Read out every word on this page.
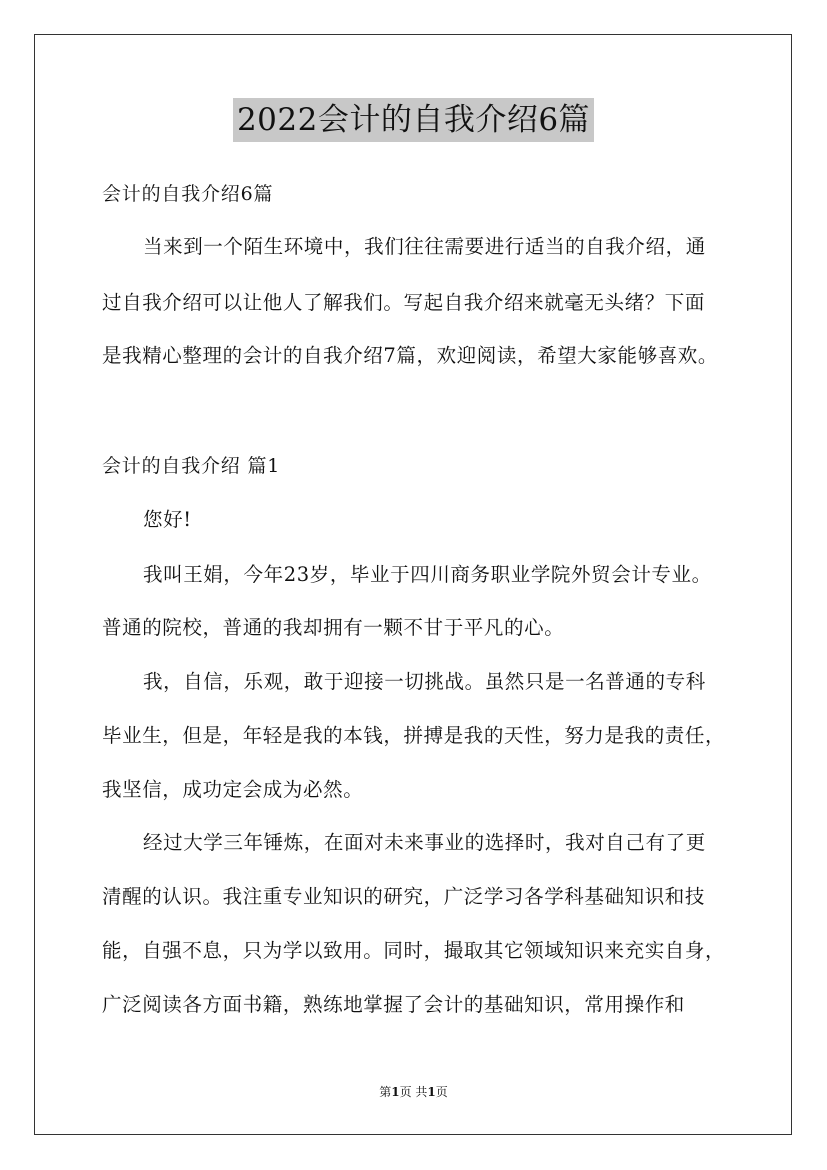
2022会计的自我介绍6篇
会计的自我介绍6篇
当来到一个陌生环境中，我们往往需要进行适当的自我介绍，通
过自我介绍可以让他人了解我们。写起自我介绍来就毫无头绪？下面
是我精心整理的会计的自我介绍7篇，欢迎阅读，希望大家能够喜欢。
会计的自我介绍 篇1
您好!
我叫王娟，今年23岁，毕业于四川商务职业学院外贸会计专业。
普通的院校，普通的我却拥有一颗不甘于平凡的心。
我，自信，乐观，敢于迎接一切挑战。虽然只是一名普通的专科
毕业生，但是，年轻是我的本钱，拼搏是我的天性，努力是我的责任，
我坚信，成功定会成为必然。
经过大学三年锤炼，在面对未来事业的选择时，我对自己有了更
清醒的认识。我注重专业知识的研究，广泛学习各学科基础知识和技
能，自强不息，只为学以致用。同时，撮取其它领域知识来充实自身，
广泛阅读各方面书籍，熟练地掌握了会计的基础知识，常用操作和
第1页 共1页
